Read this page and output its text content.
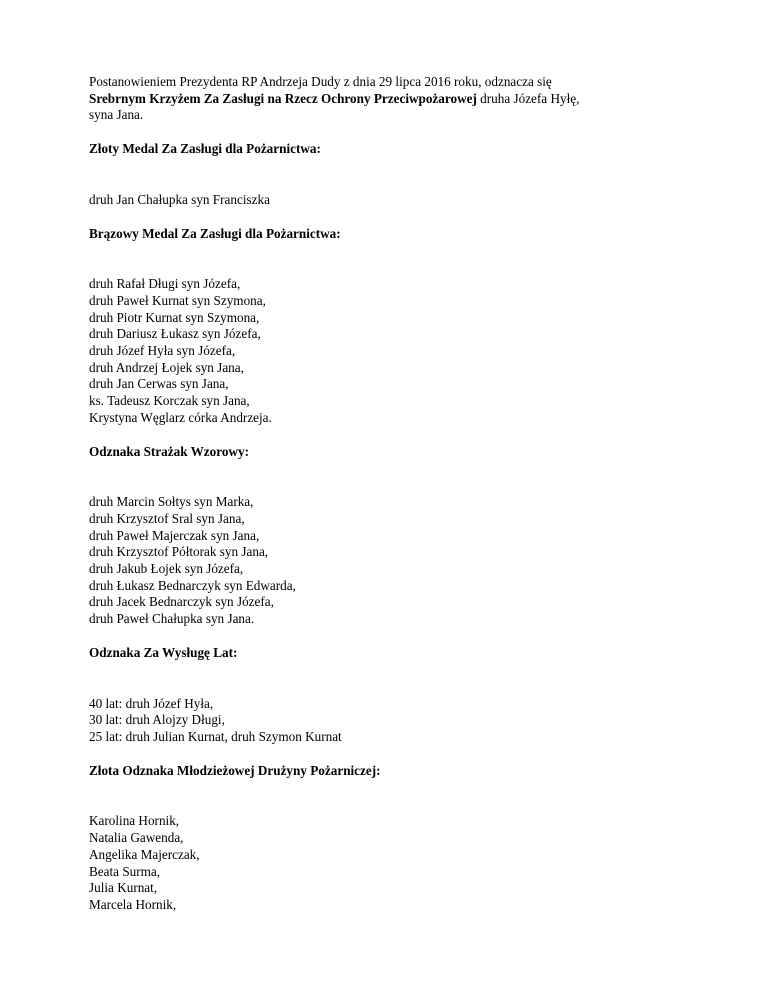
Postanowieniem Prezydenta RP Andrzeja Dudy z dnia 29 lipca 2016 roku, odznacza się
Srebrnym Krzyżem Za Zasługi na Rzecz Ochrony Przeciwpożarowej druha Józefa Hyłę,
syna Jana.

Złoty Medal Za Zasługi dla Pożarnictwa:

druh Jan Chałupka syn Franciszka

Brązowy Medal Za Zasługi dla Pożarnictwa:

druh Rafał Długi syn Józefa,
druh Paweł Kurnat syn Szymona,
druh Piotr Kurnat syn Szymona,
druh Dariusz Łukasz syn Józefa,
druh Józef Hyła syn Józefa,
druh Andrzej Łojek syn Jana,
druh Jan Cerwas syn Jana,
ks. Tadeusz Korczak syn Jana,
Krystyna Węglarz córka Andrzeja.

Odznaka Strażak Wzorowy:

druh Marcin Sołtys syn Marka,
druh Krzysztof Sral syn Jana,
druh Paweł Majerczak syn Jana,
druh Krzysztof Półtorak syn Jana,
druh Jakub Łojek syn Józefa,
druh Łukasz Bednarczyk syn Edwarda,
druh Jacek Bednarczyk syn Józefa,
druh Paweł Chałupka syn Jana.

Odznaka Za Wysługę Lat:

40 lat: druh Józef Hyła,
30 lat: druh Alojzy Długi,
25 lat: druh Julian Kurnat, druh Szymon Kurnat

Złota Odznaka Młodzieżowej Drużyny Pożarniczej:

Karolina Hornik,
Natalia Gawenda,
Angelika Majerczak,
Beata Surma,
Julia Kurnat,
Marcela Hornik,
